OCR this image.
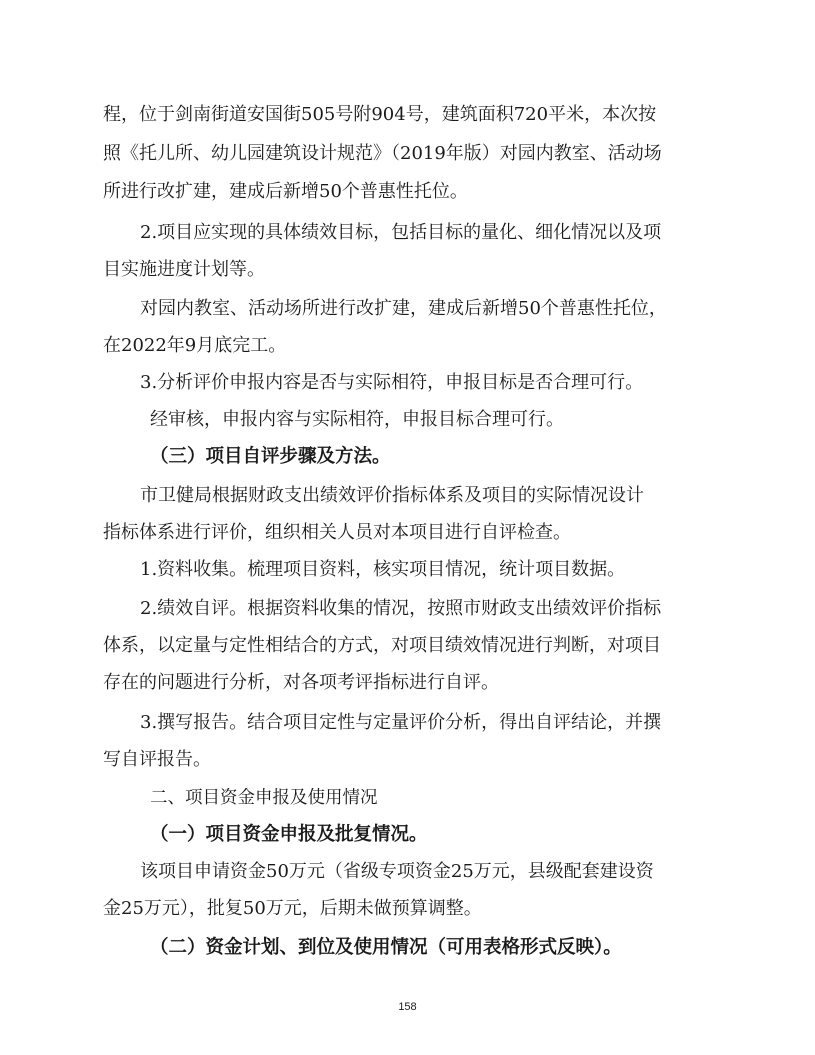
程，位于剑南街道安国街505号附904号，建筑面积720平米，本次按
照《托儿所、幼儿园建筑设计规范》（2019年版）对园内教室、活动场
所进行改扩建，建成后新增50个普惠性托位。
2.项目应实现的具体绩效目标，包括目标的量化、细化情况以及项
目实施进度计划等。
对园内教室、活动场所进行改扩建，建成后新增50个普惠性托位，
在2022年9月底完工。
3.分析评价申报内容是否与实际相符，申报目标是否合理可行。
经审核，申报内容与实际相符，申报目标合理可行。
（三）项目自评步骤及方法。
市卫健局根据财政支出绩效评价指标体系及项目的实际情况设计
指标体系进行评价，组织相关人员对本项目进行自评检查。
1.资料收集。梳理项目资料，核实项目情况，统计项目数据。
2.绩效自评。根据资料收集的情况，按照市财政支出绩效评价指标
体系，以定量与定性相结合的方式，对项目绩效情况进行判断，对项目
存在的问题进行分析，对各项考评指标进行自评。
3.撰写报告。结合项目定性与定量评价分析，得出自评结论，并撰
写自评报告。
二、项目资金申报及使用情况
（一）项目资金申报及批复情况。
该项目申请资金50万元（省级专项资金25万元，县级配套建设资
金25万元），批复50万元，后期未做预算调整。
（二）资金计划、到位及使用情况（可用表格形式反映）。
158
